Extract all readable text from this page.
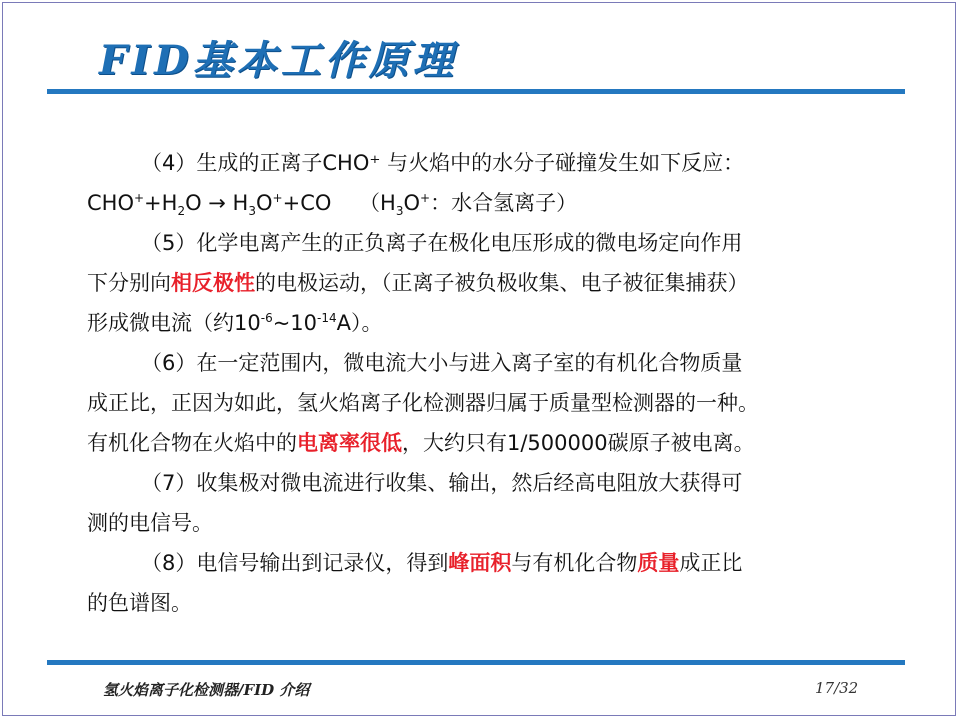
FID基本工作原理
（4）生成的正离子CHO⁺ 与火焰中的水分子碰撞发生如下反应：
$CHO^++H_2O \to H_3O^++CO$　 （$H_3O^+$：水合氢离子）
（5）化学电离产生的正负离子在极化电压形成的微电场定向作用
下分别向相反极性的电极运动，（正离子被负极收集、电子被征集捕获）
形成微电流（约$10^{-6}\sim 10^{-14}A$）。
（6）在一定范围内，微电流大小与进入离子室的有机化合物质量
成正比，正因为如此，氢火焰离子化检测器归属于质量型检测器的一种。
有机化合物在火焰中的电离率很低，大约只有1/500000碳原子被电离。
（7）收集极对微电流进行收集、输出，然后经高电阻放大获得可
测的电信号。
（8）电信号输出到记录仪，得到峰面积与有机化合物质量成正比
的色谱图。
氢火焰离子化检测器/FID 介绍	17/32
